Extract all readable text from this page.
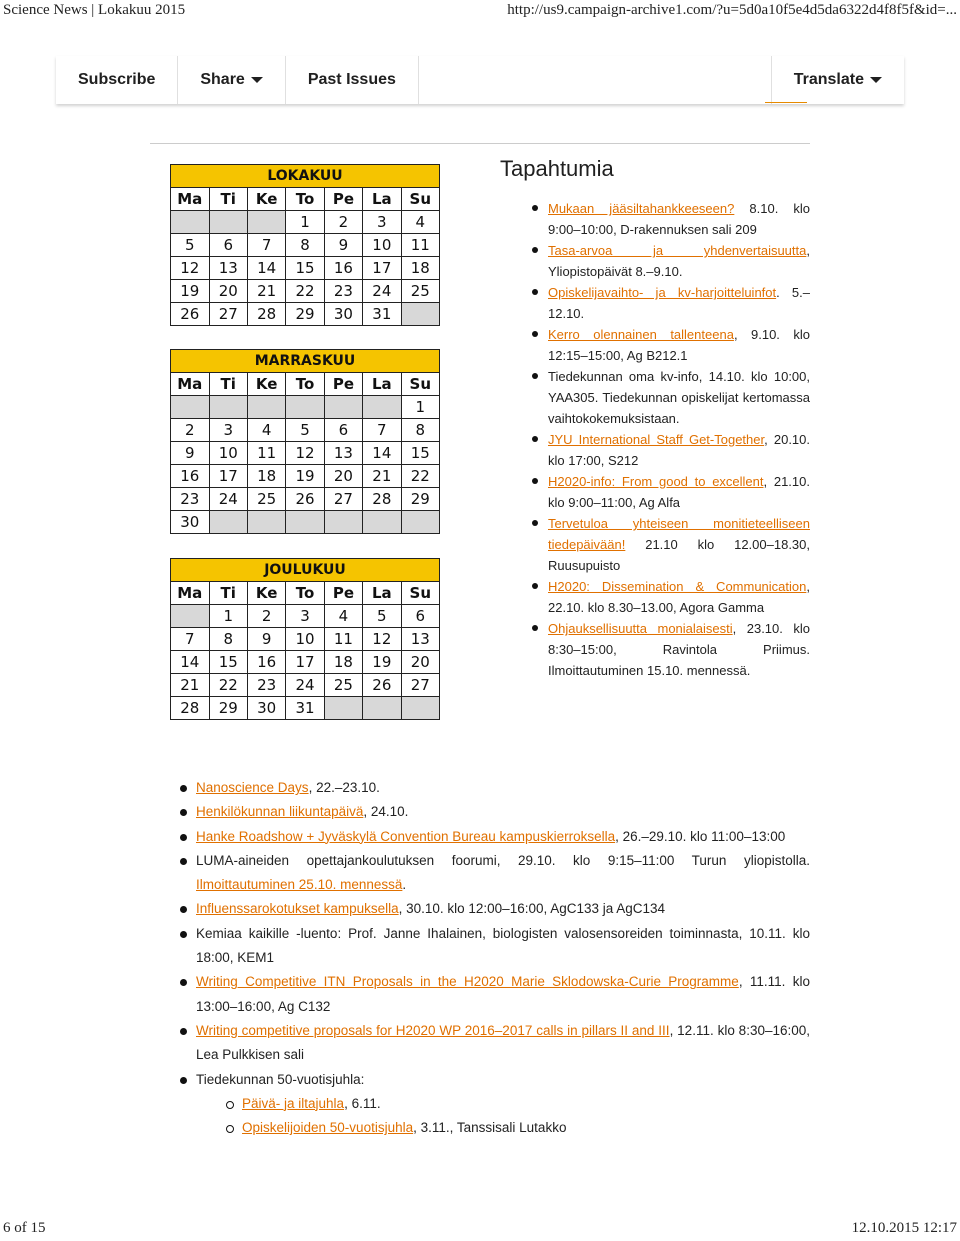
Science News | Lokakuu 2015	http://us9.campaign-archive1.com/?u=5d0a10f5e4d5da6322d4f8f5f&id=...
Subscribe	Share	Past Issues	Translate
LOKAKUU						
Ma	Ti	Ke	To	Pe	La	Su
			1	2	3	4
5	6	7	8	9	10	11
12	13	14	15	16	17	18
19	20	21	22	23	24	25
26	27	28	29	30	31	
MARRASKUU						
Ma	Ti	Ke	To	Pe	La	Su
						1
2	3	4	5	6	7	8
9	10	11	12	13	14	15
16	17	18	19	20	21	22
23	24	25	26	27	28	29
30						
JOULUKUU						
Ma	Ti	Ke	To	Pe	La	Su
	1	2	3	4	5	6
7	8	9	10	11	12	13
14	15	16	17	18	19	20
21	22	23	24	25	26	27
28	29	30	31			
Tapahtumia
Mukaan jääsiltahankkeeseen? 8.10. klo 9:00–10:00, D-rakennuksen sali 209
Tasa-arvoa ja yhdenvertaisuutta, Yliopistopäivät 8.–9.10.
Opiskelijavaihto- ja kv-harjoitteluinfot. 5.–12.10.
Kerro olennainen tallenteena, 9.10. klo 12:15–15:00, Ag B212.1
Tiedekunnan oma kv-info, 14.10. klo 10:00, YAA305. Tiedekunnan opiskelijat kertomassa vaihtokokemuksistaan.
JYU International Staff Get-Together, 20.10. klo 17:00, S212
H2020-info: From good to excellent, 21.10. klo 9:00–11:00, Ag Alfa
Tervetuloa yhteiseen monitieteelliseen tiedepäivään! 21.10 klo 12.00–18.30, Ruusupuisto
H2020: Dissemination & Communication, 22.10. klo 8.30–13.00, Agora Gamma
Ohjauksellisuutta monialaisesti, 23.10. klo 8:30–15:00, Ravintola Priimus. Ilmoittautuminen 15.10. mennessä.
Nanoscience Days, 22.–23.10.
Henkilökunnan liikuntapäivä, 24.10.
Hanke Roadshow + Jyväskylä Convention Bureau kampuskierroksella, 26.–29.10. klo 11:00–13:00
LUMA-aineiden opettajankoulutuksen foorumi, 29.10. klo 9:15–11:00 Turun yliopistolla. Ilmoittautuminen 25.10. mennessä.
Influenssarokotukset kampuksella, 30.10. klo 12:00–16:00, AgC133 ja AgC134
Kemiaa kaikille -luento: Prof. Janne Ihalainen, biologisten valosensoreiden toiminnasta, 10.11. klo 18:00, KEM1
Writing Competitive ITN Proposals in the H2020 Marie Sklodowska-Curie Programme, 11.11. klo 13:00–16:00, Ag C132
Writing competitive proposals for H2020 WP 2016–2017 calls in pillars II and III, 12.11. klo 8:30–16:00, Lea Pulkkisen sali
Tiedekunnan 50-vuotisjuhla:
Päivä- ja iltajuhla, 6.11.
Opiskelijoiden 50-vuotisjuhla, 3.11., Tanssisali Lutakko
6 of 15	12.10.2015 12:17
